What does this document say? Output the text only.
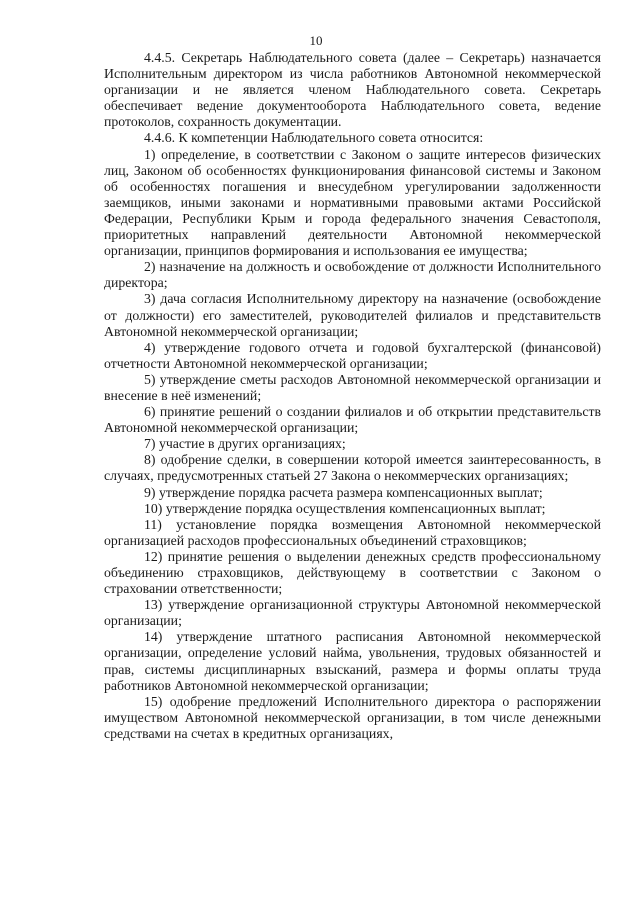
10

4.4.5. Секретарь Наблюдательного совета (далее – Секретарь) назначается Исполнительным директором из числа работников Автономной некоммерческой организации и не является членом Наблюдательного совета. Секретарь обеспечивает ведение документооборота Наблюдательного совета, ведение протоколов, сохранность документации.

4.4.6. К компетенции Наблюдательного совета относится:

1) определение, в соответствии с Законом о защите интересов физических лиц, Законом об особенностях функционирования финансовой системы и Законом об особенностях погашения и внесудебном урегулировании задолженности заемщиков, иными законами и нормативными правовыми актами Российской Федерации, Республики Крым и города федерального значения Севастополя, приоритетных направлений деятельности Автономной некоммерческой организации, принципов формирования и использования ее имущества;

2) назначение на должность и освобождение от должности Исполнительного директора;

3) дача согласия Исполнительному директору на назначение (освобождение от должности) его заместителей, руководителей филиалов и представительств Автономной некоммерческой организации;

4) утверждение годового отчета и годовой бухгалтерской (финансовой) отчетности Автономной некоммерческой организации;

5) утверждение сметы расходов Автономной некоммерческой организации и внесение в неё изменений;

6) принятие решений о создании филиалов и об открытии представительств Автономной некоммерческой организации;

7) участие в других организациях;

8) одобрение сделки, в совершении которой имеется заинтересованность, в случаях, предусмотренных статьей 27 Закона о некоммерческих организациях;

9) утверждение порядка расчета размера компенсационных выплат;

10) утверждение порядка осуществления компенсационных выплат;

11) установление порядка возмещения Автономной некоммерческой организацией расходов профессиональных объединений страховщиков;

12) принятие решения о выделении денежных средств профессиональному объединению страховщиков, действующему в соответствии с Законом о страховании ответственности;

13) утверждение организационной структуры Автономной некоммерческой организации;

14) утверждение штатного расписания Автономной некоммерческой организации, определение условий найма, увольнения, трудовых обязанностей и прав, системы дисциплинарных взысканий, размера и формы оплаты труда работников Автономной некоммерческой организации;

15) одобрение предложений Исполнительного директора о распоряжении имуществом Автономной некоммерческой организации, в том числе денежными средствами на счетах в кредитных организациях,
